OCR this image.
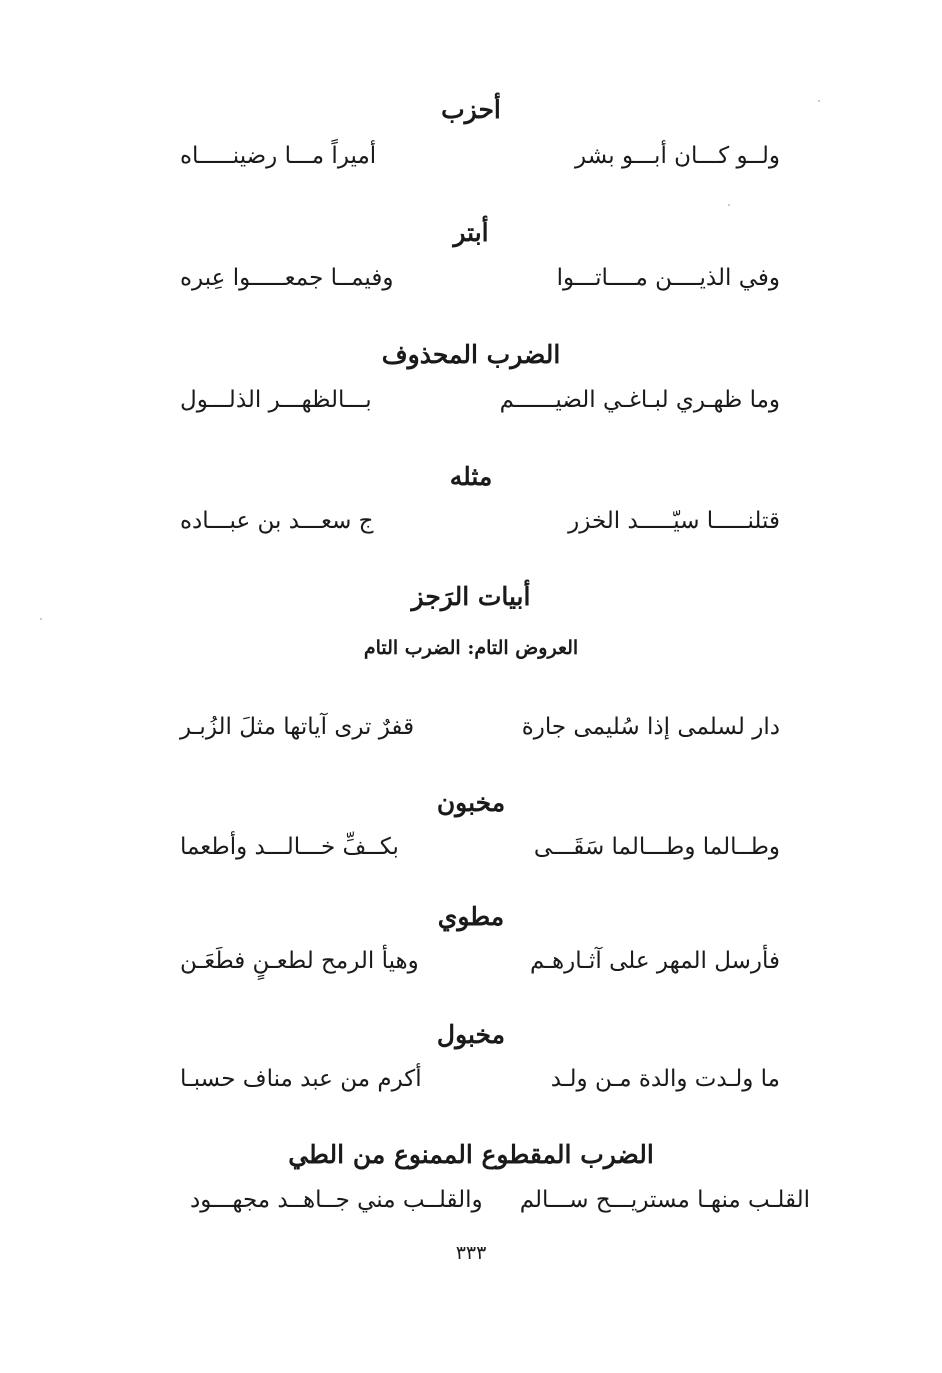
أحزب
ولــو كـــان أبـــو بشر
أميراً مـــا رضينـــــاه
أبتر
وفي الذيــــن مــــاتـــوا
وفيمــا جمعـــــوا عِبره
الضرب المحذوف
وما ظهـري لبـاغـي الضيــــــم
بـــالظهـــر الذلـــول
مثله
قتلنـــــا سيّـــــد الخزر
ج سعـــد بن عبـــاده
أبيات الرَجز
العروض التام: الضرب التام
دار لسلمى إذا سُليمى جارة
قفرٌ ترى آياتها مثلَ الزُبـر
مخبون
وطــالما وطـــالما سَقَـــى
بكــفِّ خـــالـــد وأطعما
مطوي
فأرسل المهر على آثـارهـم
وهيأ الرمح لطعـنٍ فطَعَـن
مخبول
ما ولـدت والدة مـن ولـد
أكرم من عبد مناف حسبـا
الضرب المقطوع الممنوع من الطي
القلـب منهـا مستريـــح ســـالم
والقلــب مني جــاهــد مجهـــود
٣٣٣
